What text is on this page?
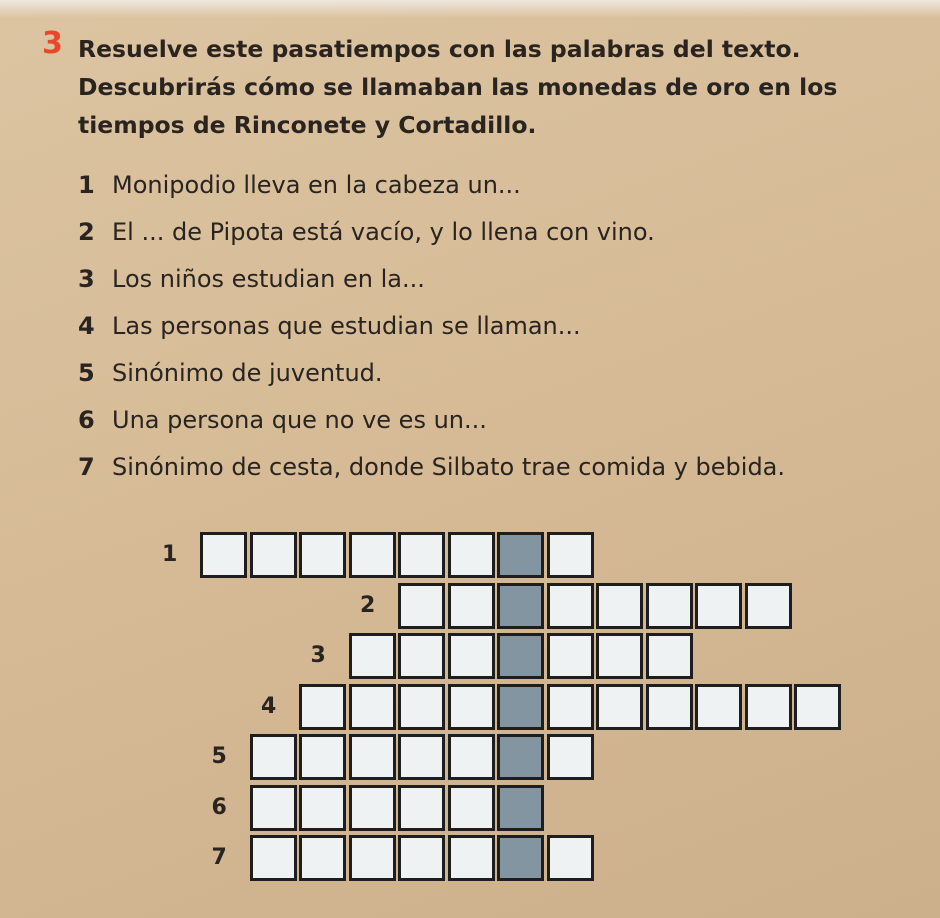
3 Resuelve este pasatiempos con las palabras del texto. Descubrirás cómo se llamaban las monedas de oro en los tiempos de Rinconete y Cortadillo.
1 Monipodio lleva en la cabeza un...
2 El ... de Pipota está vacío, y lo llena con vino.
3 Los niños estudian en la...
4 Las personas que estudian se llaman...
5 Sinónimo de juventud.
6 Una persona que no ve es un...
7 Sinónimo de cesta, donde Silbato trae comida y bebida.
1
2
3
4
5
6
7
